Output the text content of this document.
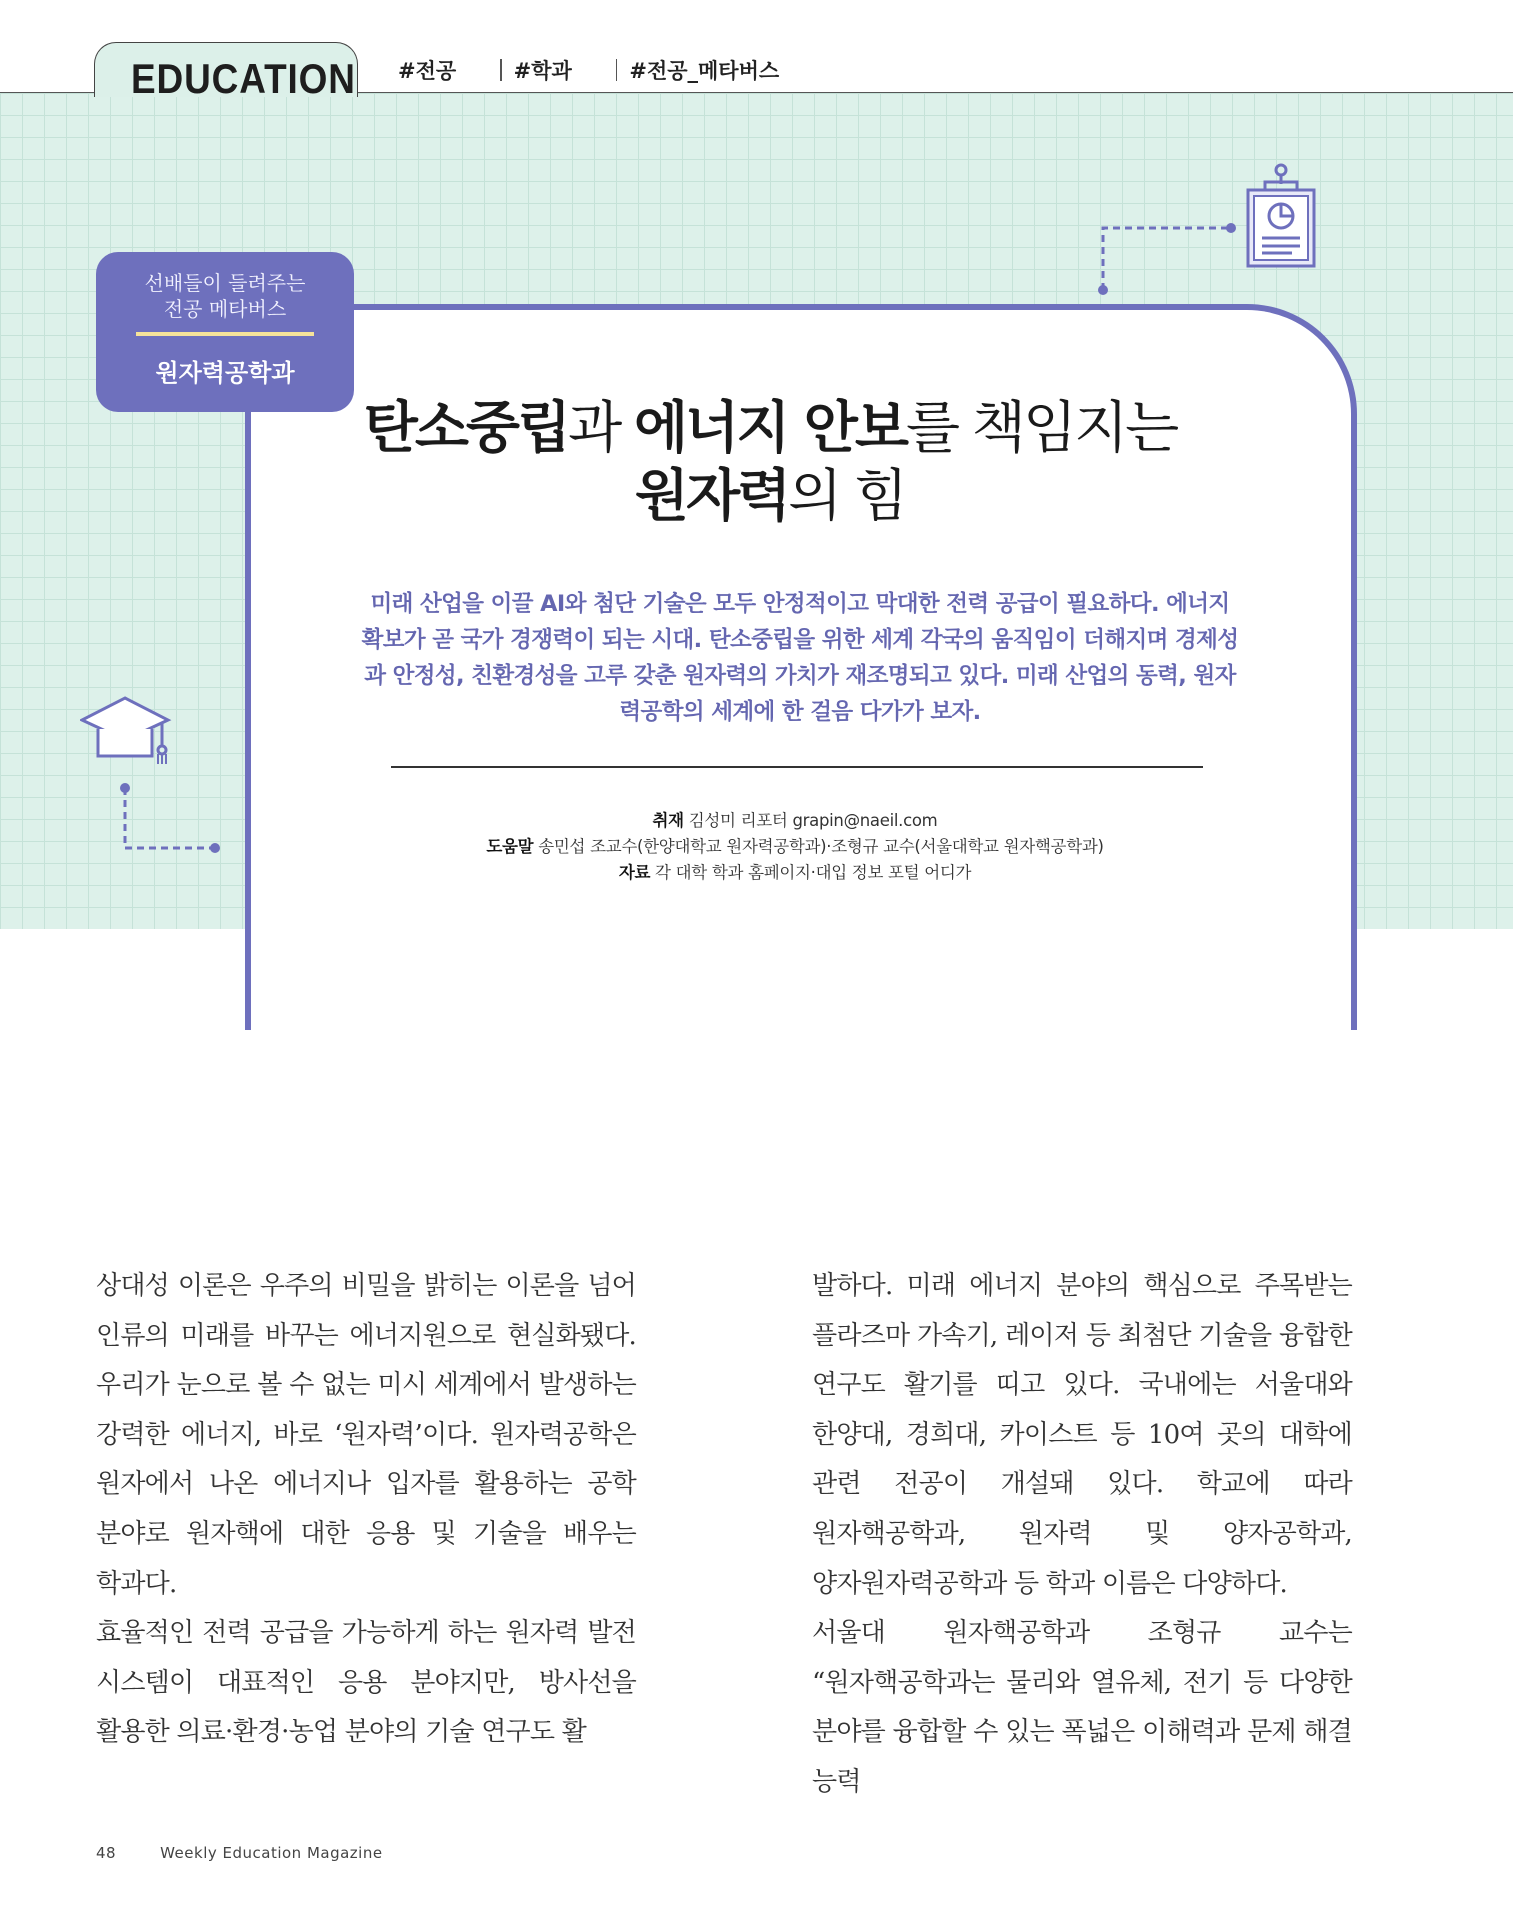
EDUCATION #전공	#학과	#전공_메타버스
선배들이 들려주는
전공 메타버스
원자력공학과
탄소중립과 에너지 안보를 책임지는
원자력의 힘
미래 산업을 이끌 AI와 첨단 기술은 모두 안정적이고 막대한 전력 공급이 필요하다. 에너지 확보가 곧 국가 경쟁력이 되는 시대. 탄소중립을 위한 세계 각국의 움직임이 더해지며 경제성과 안정성, 친환경성을 고루 갖춘 원자력의 가치가 재조명되고 있다. 미래 산업의 동력, 원자력공학의 세계에 한 걸음 다가가 보자.
취재 김성미 리포터 grapin@naeil.com
도움말 송민섭 조교수(한양대학교 원자력공학과)·조형규 교수(서울대학교 원자핵공학과)
자료 각 대학 학과 홈페이지·대입 정보 포털 어디가

상대성 이론은 우주의 비밀을 밝히는 이론을 넘어 인류의 미래를 바꾸는 에너지원으로 현실화됐다. 우리가 눈으로 볼 수 없는 미시 세계에서 발생하는 강력한 에너지, 바로 ‘원자력’이다. 원자력공학은 원자에서 나온 에너지나 입자를 활용하는 공학 분야로 원자핵에 대한 응용 및 기술을 배우는 학과다.

효율적인 전력 공급을 가능하게 하는 원자력 발전 시스템이 대표적인 응용 분야지만, 방사선을 활용한 의료·환경·농업 분야의 기술 연구도 활

발하다. 미래 에너지 분야의 핵심으로 주목받는 플라즈마 가속기, 레이저 등 최첨단 기술을 융합한 연구도 활기를 띠고 있다. 국내에는 서울대와 한양대, 경희대, 카이스트 등 10여 곳의 대학에 관련 전공이 개설돼 있다. 학교에 따라 원자핵공학과, 원자력 및 양자공학과, 양자원자력공학과 등 학과 이름은 다양하다.

서울대 원자핵공학과 조형규 교수는 “원자핵공학과는 물리와 열유체, 전기 등 다양한 분야를 융합할 수 있는 폭넓은 이해력과 문제 해결 능력

48	Weekly Education Magazine
